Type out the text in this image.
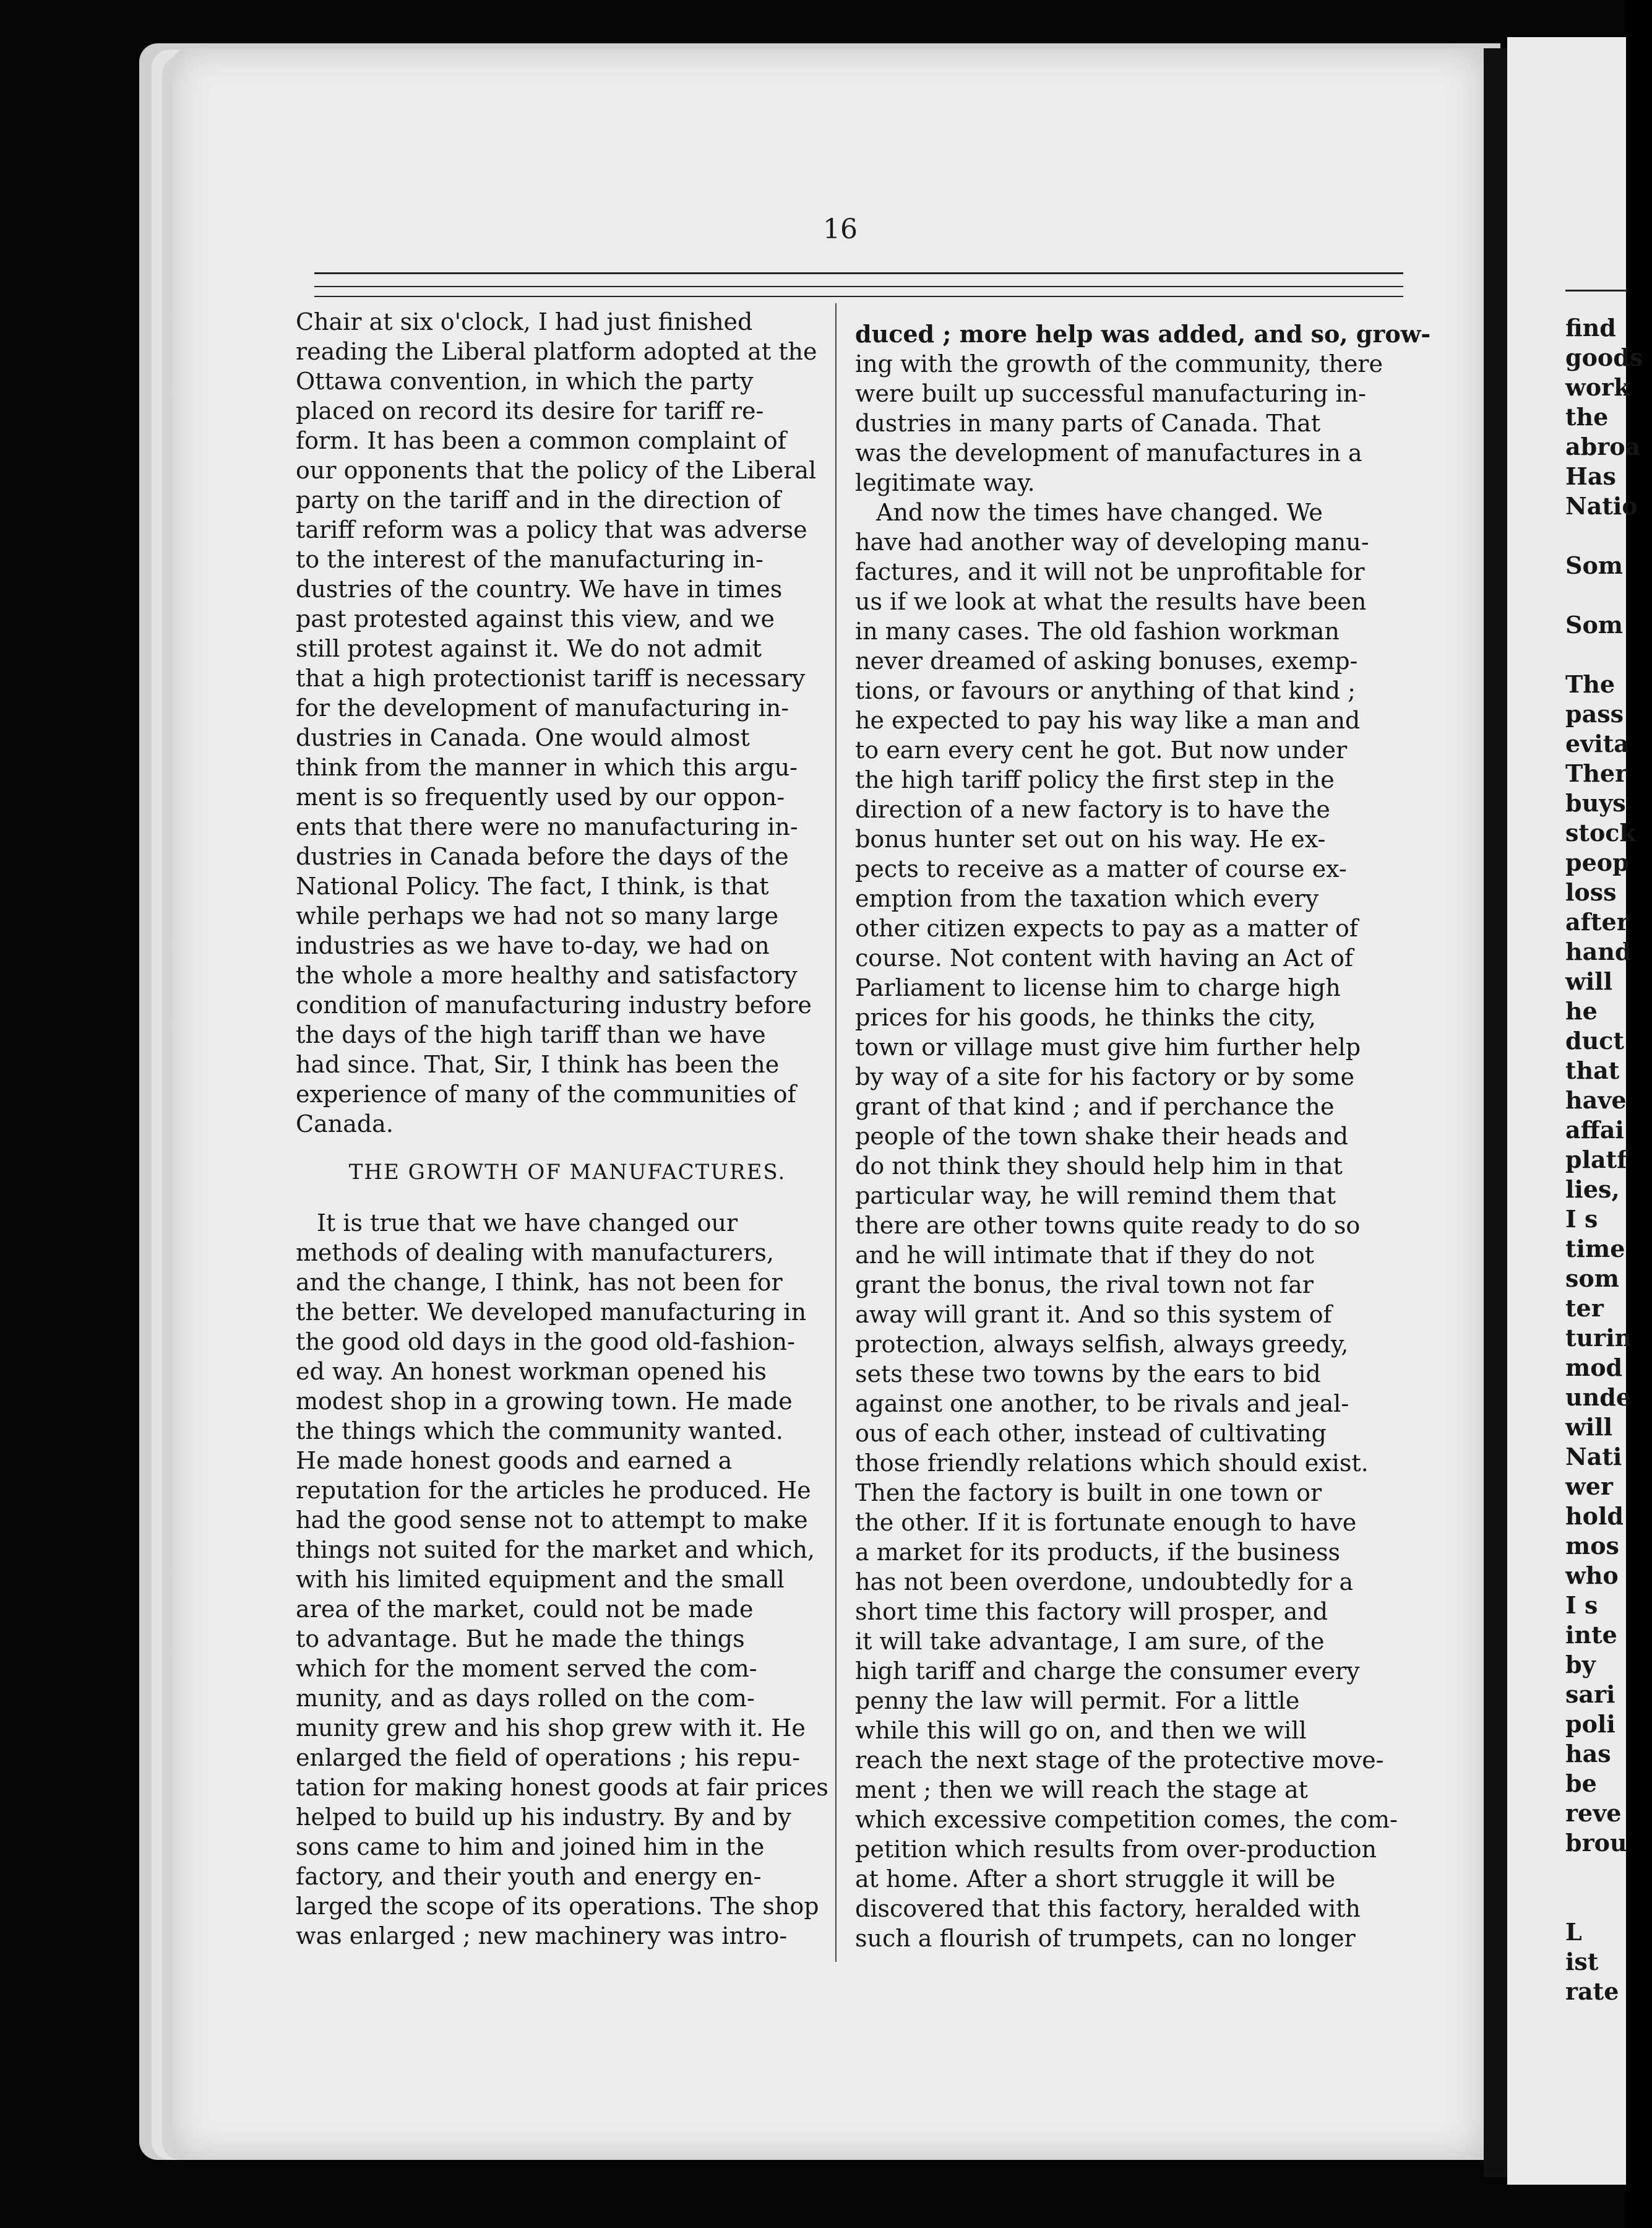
16
Chair at six o'clock, I had just finished
reading the Liberal platform adopted at the
Ottawa convention, in which the party
placed on record its desire for tariff re-
form. It has been a common complaint of
our opponents that the policy of the Liberal
party on the tariff and in the direction of
tariff reform was a policy that was adverse
to the interest of the manufacturing in-
dustries of the country. We have in times
past protested against this view, and we
still protest against it. We do not admit
that a high protectionist tariff is necessary
for the development of manufacturing in-
dustries in Canada. One would almost
think from the manner in which this argu-
ment is so frequently used by our oppon-
ents that there were no manufacturing in-
dustries in Canada before the days of the
National Policy. The fact, I think, is that
while perhaps we had not so many large
industries as we have to-day, we had on
the whole a more healthy and satisfactory
condition of manufacturing industry before
the days of the high tariff than we have
had since. That, Sir, I think has been the
experience of many of the communities of
Canada.
THE GROWTH OF MANUFACTURES.
It is true that we have changed our
methods of dealing with manufacturers,
and the change, I think, has not been for
the better. We developed manufacturing in
the good old days in the good old-fashion-
ed way. An honest workman opened his
modest shop in a growing town. He made
the things which the community wanted.
He made honest goods and earned a
reputation for the articles he produced. He
had the good sense not to attempt to make
things not suited for the market and which,
with his limited equipment and the small
area of the market, could not be made
to advantage. But he made the things
which for the moment served the com-
munity, and as days rolled on the com-
munity grew and his shop grew with it. He
enlarged the field of operations ; his repu-
tation for making honest goods at fair prices
helped to build up his industry. By and by
sons came to him and joined him in the
factory, and their youth and energy en-
larged the scope of its operations. The shop
was enlarged ; new machinery was intro-
duced ; more help was added, and so, grow-
ing with the growth of the community, there
were built up successful manufacturing in-
dustries in many parts of Canada. That
was the development of manufactures in a
legitimate way.
And now the times have changed. We
have had another way of developing manu-
factures, and it will not be unprofitable for
us if we look at what the results have been
in many cases. The old fashion workman
never dreamed of asking bonuses, exemp-
tions, or favours or anything of that kind ;
he expected to pay his way like a man and
to earn every cent he got. But now under
the high tariff policy the first step in the
direction of a new factory is to have the
bonus hunter set out on his way. He ex-
pects to receive as a matter of course ex-
emption from the taxation which every
other citizen expects to pay as a matter of
course. Not content with having an Act of
Parliament to license him to charge high
prices for his goods, he thinks the city,
town or village must give him further help
by way of a site for his factory or by some
grant of that kind ; and if perchance the
people of the town shake their heads and
do not think they should help him in that
particular way, he will remind them that
there are other towns quite ready to do so
and he will intimate that if they do not
grant the bonus, the rival town not far
away will grant it. And so this system of
protection, always selfish, always greedy,
sets these two towns by the ears to bid
against one another, to be rivals and jeal-
ous of each other, instead of cultivating
those friendly relations which should exist.
Then the factory is built in one town or
the other. If it is fortunate enough to have
a market for its products, if the business
has not been overdone, undoubtedly for a
short time this factory will prosper, and
it will take advantage, I am sure, of the
high tariff and charge the consumer every
penny the law will permit. For a little
while this will go on, and then we will
reach the next stage of the protective move-
ment ; then we will reach the stage at
which excessive competition comes, the com-
petition which results from over-production
at home. After a short struggle it will be
discovered that this factory, heralded with
such a flourish of trumpets, can no longer
find
goods
work
the
abroa
Has
Natio
Som
Som
The
pass
evita
Ther
buys
stock
peop
loss
after
hand
will
he
duct
that
have
affai
platf
lies,
I s
time
som
ter
turin
mod
unde
will
Nati
wer
hold
mos
who
I s
inte
by
sari
poli
has
be
reve
brou
L
ist
rate
